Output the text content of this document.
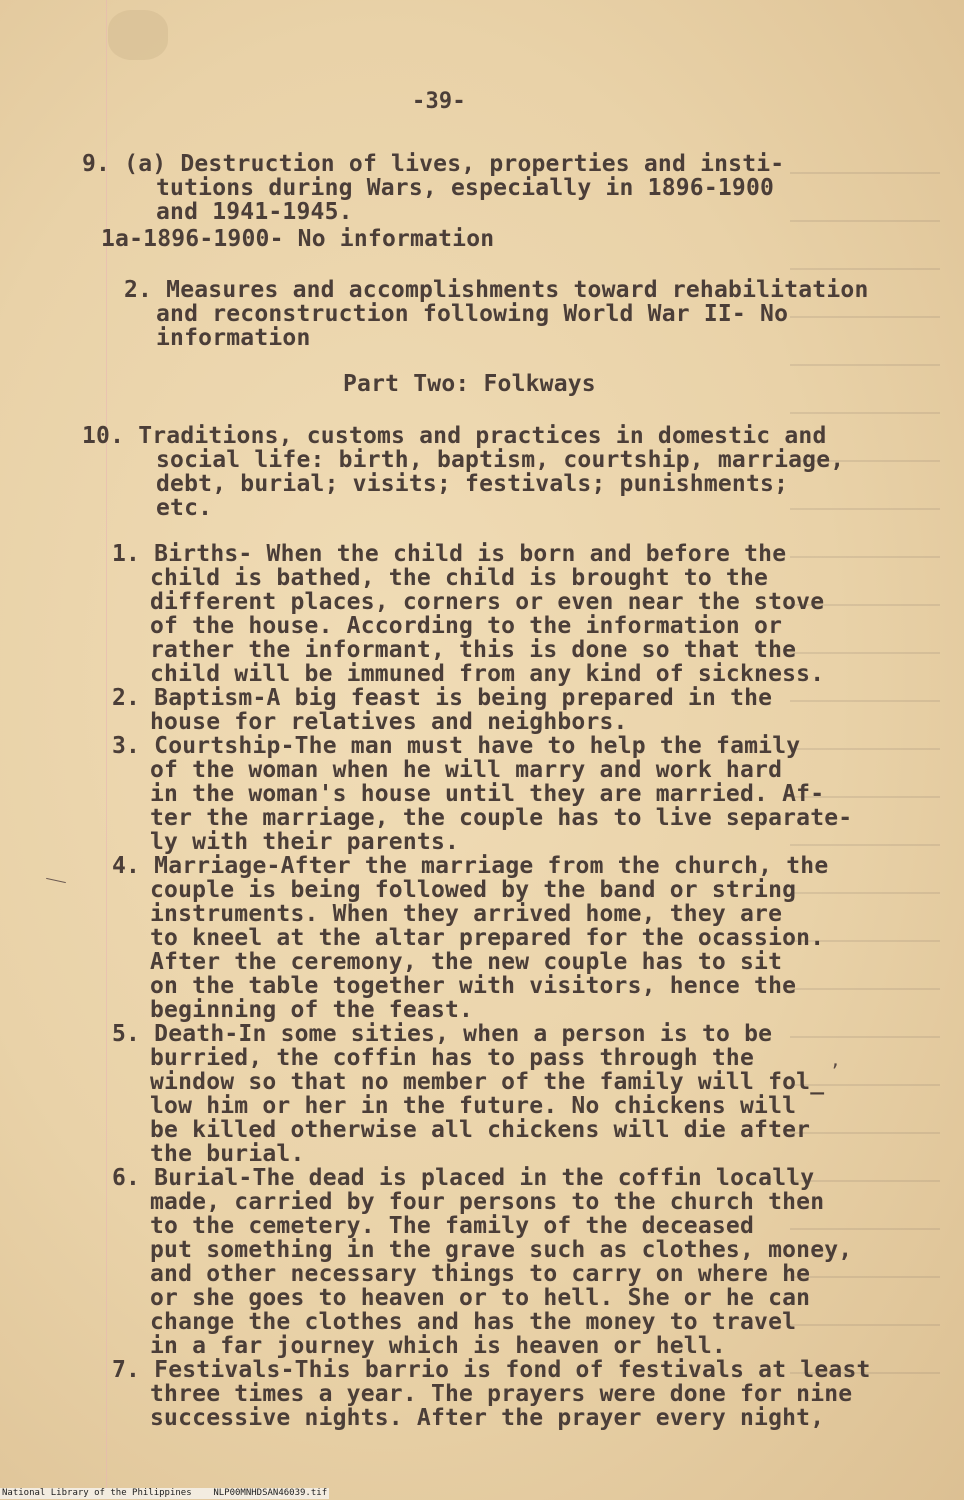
,
-39-
9. (a) Destruction of lives, properties and insti-
tutions during Wars, especially in 1896-1900
and 1941-1945.
1a-1896-1900- No information
2. Measures and accomplishments toward rehabilitation
and reconstruction following World War II- No
information
Part Two: Folkways
10. Traditions, customs and practices in domestic and
social life: birth, baptism, courtship, marriage,
debt, burial; visits; festivals; punishments;
etc.
1. Births- When the child is born and before the
child is bathed, the child is brought to the
different places, corners or even near the stove
of the house. According to the information or
rather the informant, this is done so that the
child will be immuned from any kind of sickness.
2. Baptism-A big feast is being prepared in the
house for relatives and neighbors.
3. Courtship-The man must have to help the family
of the woman when he will marry and work hard
in the woman's house until they are married. Af-
ter the marriage, the couple has to live separate-
ly with their parents.
4. Marriage-After the marriage from the church, the
couple is being followed by the band or string
instruments. When they arrived home, they are
to kneel at the altar prepared for the ocassion.
After the ceremony, the new couple has to sit
on the table together with visitors, hence the
beginning of the feast.
5. Death-In some sities, when a person is to be
burried, the coffin has to pass through the
window so that no member of the family will fol_
low him or her in the future. No chickens will
be killed otherwise all chickens will die after
the burial.
6. Burial-The dead is placed in the coffin locally
made, carried by four persons to the church then
to the cemetery. The family of the deceased
put something in the grave such as clothes, money,
and other necessary things to carry on where he
or she goes to heaven or to hell. She or he can
change the clothes and has the money to travel
in a far journey which is heaven or hell.
7. Festivals-This barrio is fond of festivals at least
three times a year. The prayers were done for nine
successive nights. After the prayer every night,
National Library of the Philippines    NLP00MNHDSAN46039.tif
